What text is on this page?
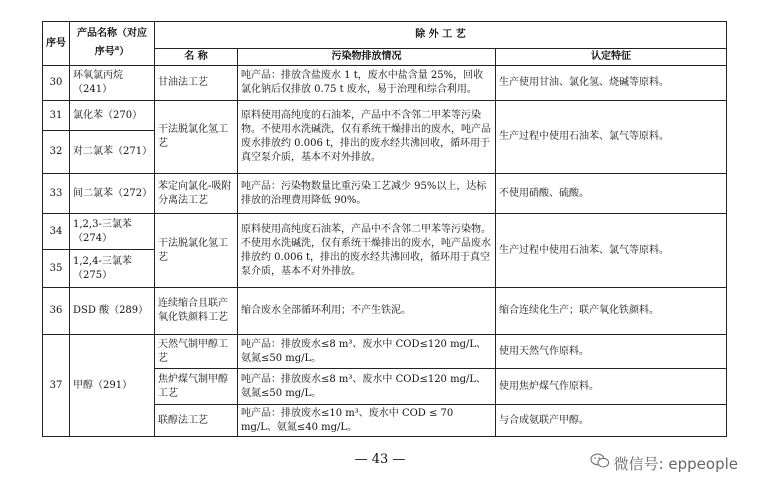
序号	产品名称（对应序号$^a$）	除 外 工 艺		
		名 称	污染物排放情况	认定特征
30	环氧氯丙烷（241）	甘油法工艺	吨产品：排放含盐废水 1 t，废水中盐含量 25%，回收氯化钠后仅排放 0.75 t 废水，易于治理和综合利用。	生产使用甘油、氯化氢、烧碱等原料。
31	氯化苯（270）	干法脱氯化氢工艺	原料使用高纯度的石油苯，产品中不含邻二甲苯等污染物。不使用水洗碱洗，仅有系统干燥排出的废水，吨产品废水排放约 0.006 t，排出的废水经共沸回收，循环用于真空泵介质，基本不对外排放。	生产过程中使用石油苯、氯气等原料。
32	对二氯苯（271）			
33	间二氯苯（272）	苯定向氯化-吸附分离法工艺	吨产品：污染物数量比重污染工艺减少 95%以上，达标排放的治理费用降低 90%。	不使用硝酸、硫酸。
34	1,2,3-三氯苯（274）	干法脱氯化氢工艺	原料使用高纯度石油苯，产品中不含邻二甲苯等污染物。不使用水洗碱洗，仅有系统干燥排出的废水，吨产品废水排放约 0.006 t，排出的废水经共沸回收，循环用于真空泵介质，基本不对外排放。	生产过程中使用石油苯、氯气等原料。
35	1,2,4-三氯苯（275）			
36	DSD 酸（289）	连续缩合且联产氧化铁颜料工艺	缩合废水全部循环利用；不产生铁泥。	缩合连续化生产；联产氧化铁颜料。
37	甲醇（291）	天然气制甲醇工艺	吨产品：排放废水≤8 m³、废水中 COD≤120 mg/L、氨氮≤50 mg/L。	使用天然气作原料。
		焦炉煤气制甲醇工艺	吨产品：排放废水≤8 m³、废水中 COD≤120 mg/L、氨氮≤50 mg/L。	使用焦炉煤气作原料。
		联醇法工艺	吨产品：排放废水≤10 m³、废水中 COD ≤ 70 mg/L、氨氮≤40 mg/L。	与合成氨联产甲醇。
— 43 —	微信号: eppeople
